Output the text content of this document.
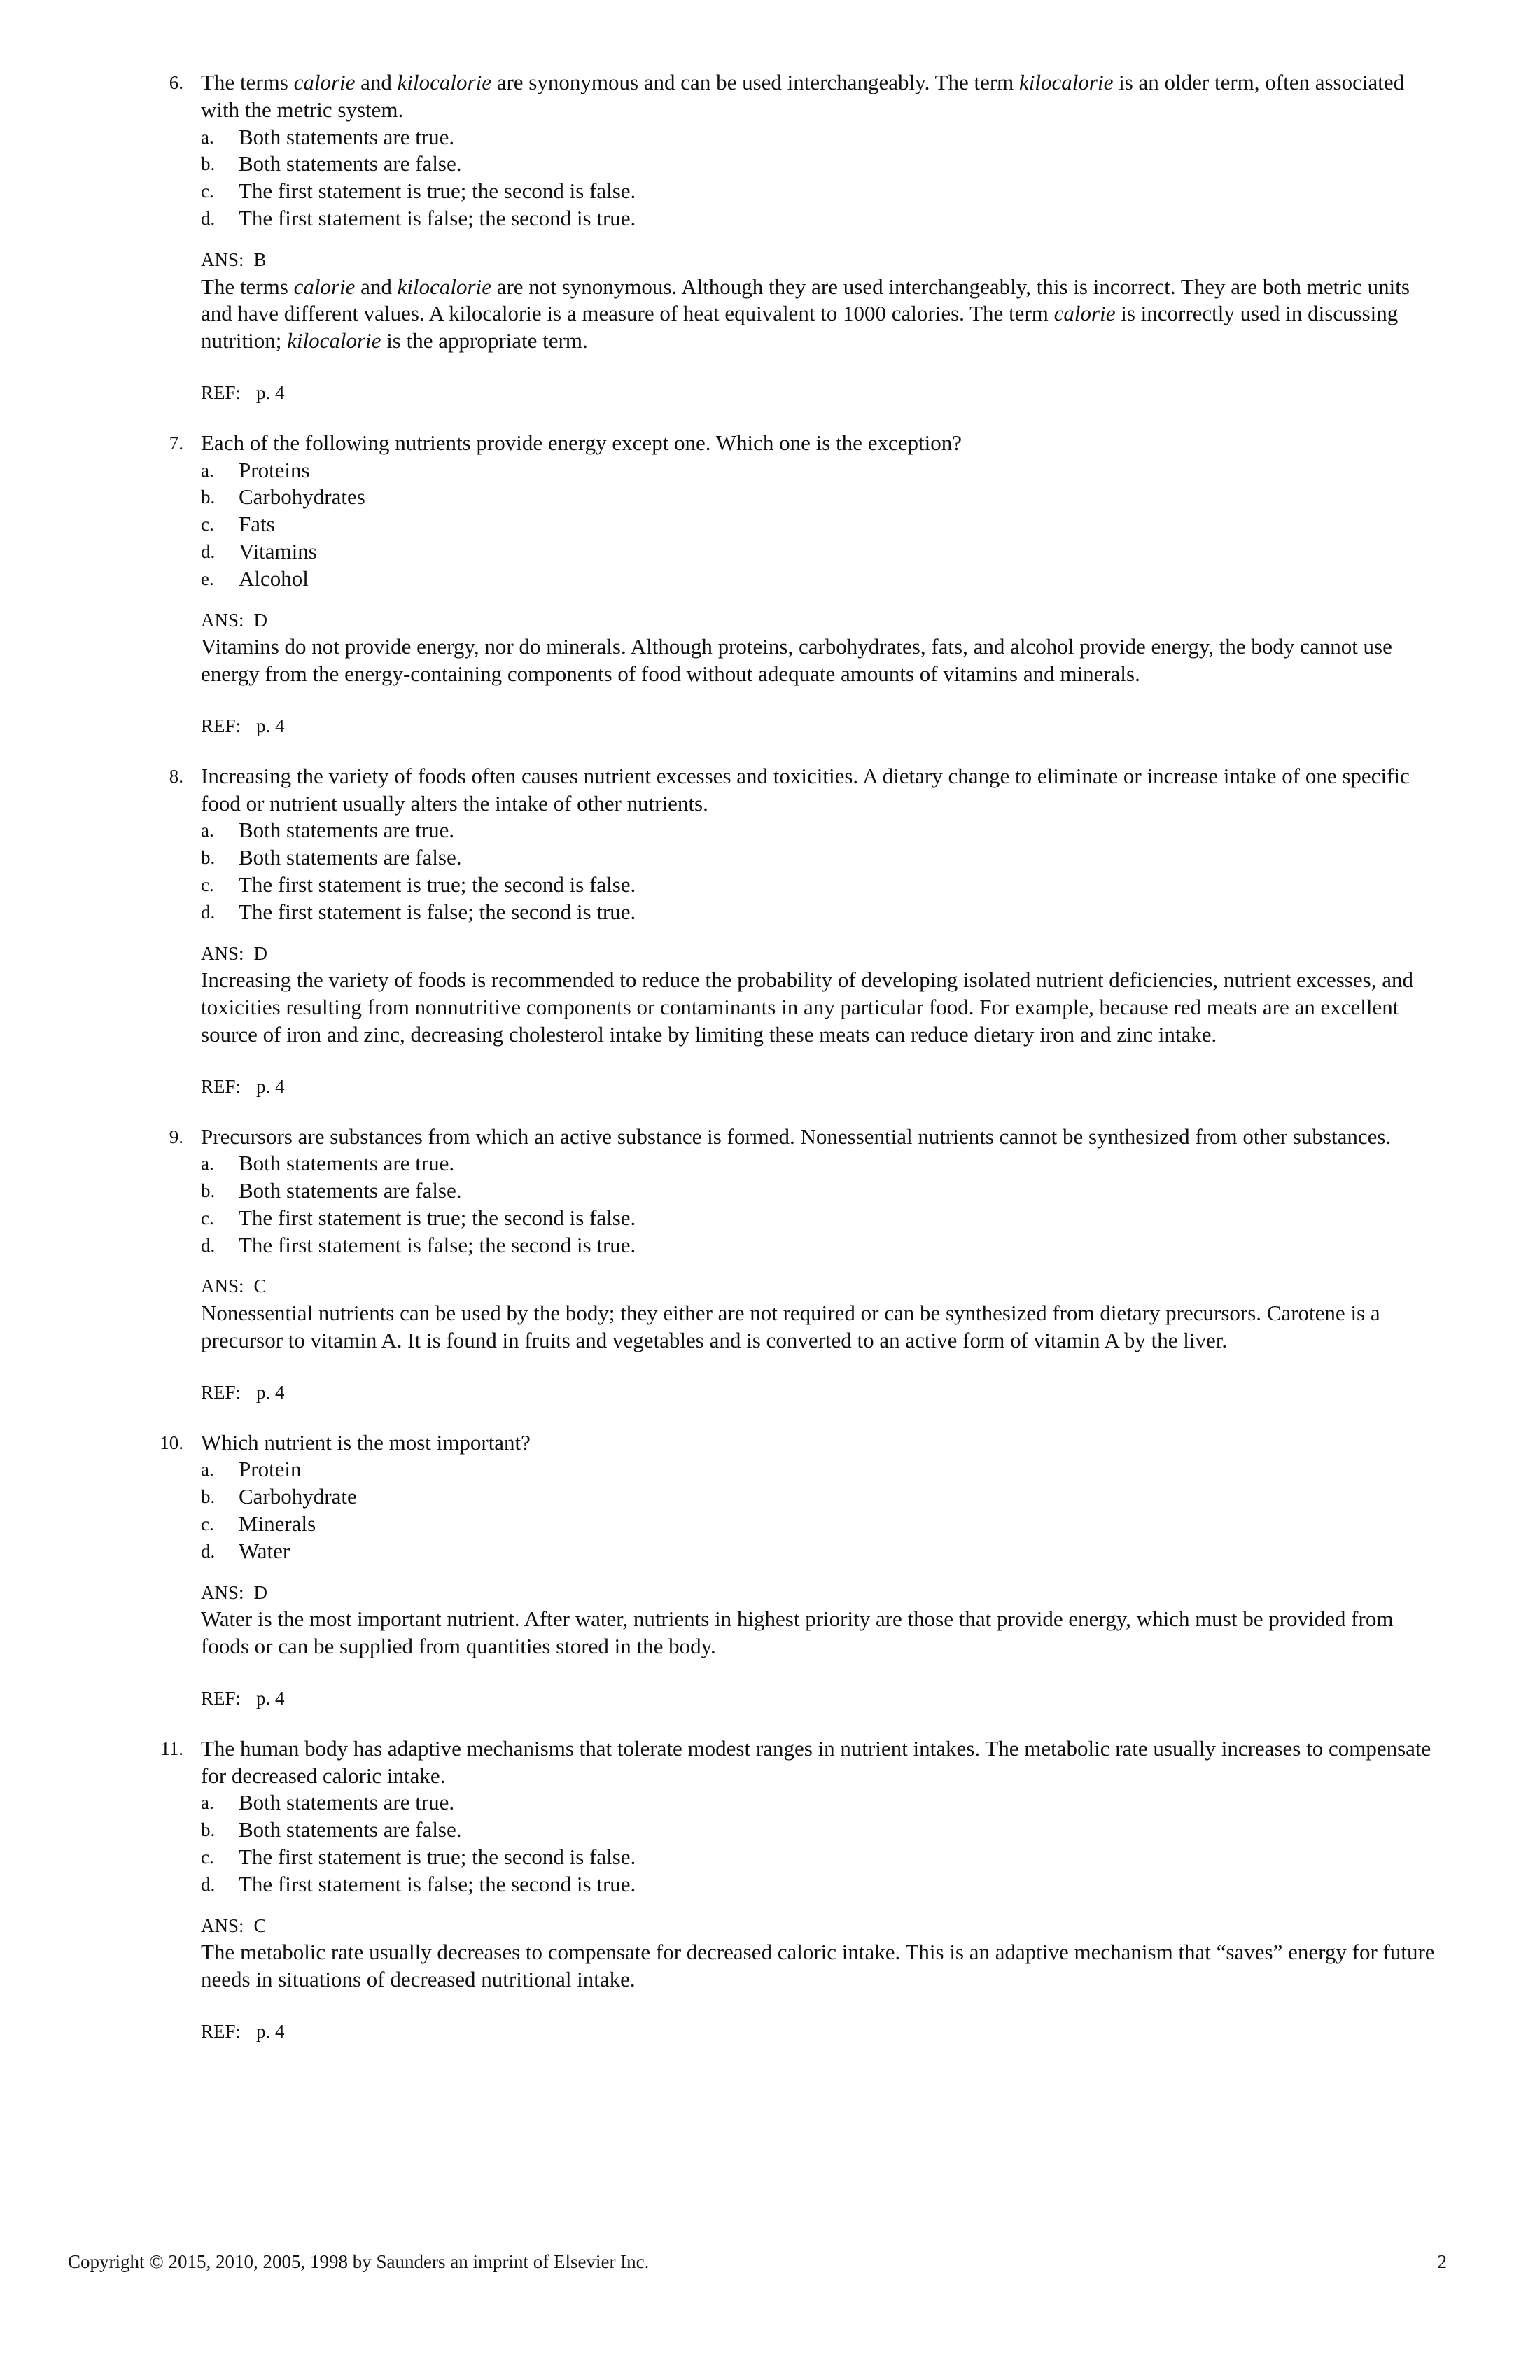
6. The terms calorie and kilocalorie are synonymous and can be used interchangeably. The term kilocalorie is an older term, often associated with the metric system.
a. Both statements are true.
b. Both statements are false.
c. The first statement is true; the second is false.
d. The first statement is false; the second is true.
ANS: B
The terms calorie and kilocalorie are not synonymous. Although they are used interchangeably, this is incorrect. They are both metric units and have different values. A kilocalorie is a measure of heat equivalent to 1000 calories. The term calorie is incorrectly used in discussing nutrition; kilocalorie is the appropriate term.
REF: p. 4
7. Each of the following nutrients provide energy except one. Which one is the exception?
a. Proteins
b. Carbohydrates
c. Fats
d. Vitamins
e. Alcohol
ANS: D
Vitamins do not provide energy, nor do minerals. Although proteins, carbohydrates, fats, and alcohol provide energy, the body cannot use energy from the energy-containing components of food without adequate amounts of vitamins and minerals.
REF: p. 4
8. Increasing the variety of foods often causes nutrient excesses and toxicities. A dietary change to eliminate or increase intake of one specific food or nutrient usually alters the intake of other nutrients.
a. Both statements are true.
b. Both statements are false.
c. The first statement is true; the second is false.
d. The first statement is false; the second is true.
ANS: D
Increasing the variety of foods is recommended to reduce the probability of developing isolated nutrient deficiencies, nutrient excesses, and toxicities resulting from nonnutritive components or contaminants in any particular food. For example, because red meats are an excellent source of iron and zinc, decreasing cholesterol intake by limiting these meats can reduce dietary iron and zinc intake.
REF: p. 4
9. Precursors are substances from which an active substance is formed. Nonessential nutrients cannot be synthesized from other substances.
a. Both statements are true.
b. Both statements are false.
c. The first statement is true; the second is false.
d. The first statement is false; the second is true.
ANS: C
Nonessential nutrients can be used by the body; they either are not required or can be synthesized from dietary precursors. Carotene is a precursor to vitamin A. It is found in fruits and vegetables and is converted to an active form of vitamin A by the liver.
REF: p. 4
10. Which nutrient is the most important?
a. Protein
b. Carbohydrate
c. Minerals
d. Water
ANS: D
Water is the most important nutrient. After water, nutrients in highest priority are those that provide energy, which must be provided from foods or can be supplied from quantities stored in the body.
REF: p. 4
11. The human body has adaptive mechanisms that tolerate modest ranges in nutrient intakes. The metabolic rate usually increases to compensate for decreased caloric intake.
a. Both statements are true.
b. Both statements are false.
c. The first statement is true; the second is false.
d. The first statement is false; the second is true.
ANS: C
The metabolic rate usually decreases to compensate for decreased caloric intake. This is an adaptive mechanism that “saves” energy for future needs in situations of decreased nutritional intake.
REF: p. 4
Copyright © 2015, 2010, 2005, 1998 by Saunders an imprint of Elsevier Inc.	2
